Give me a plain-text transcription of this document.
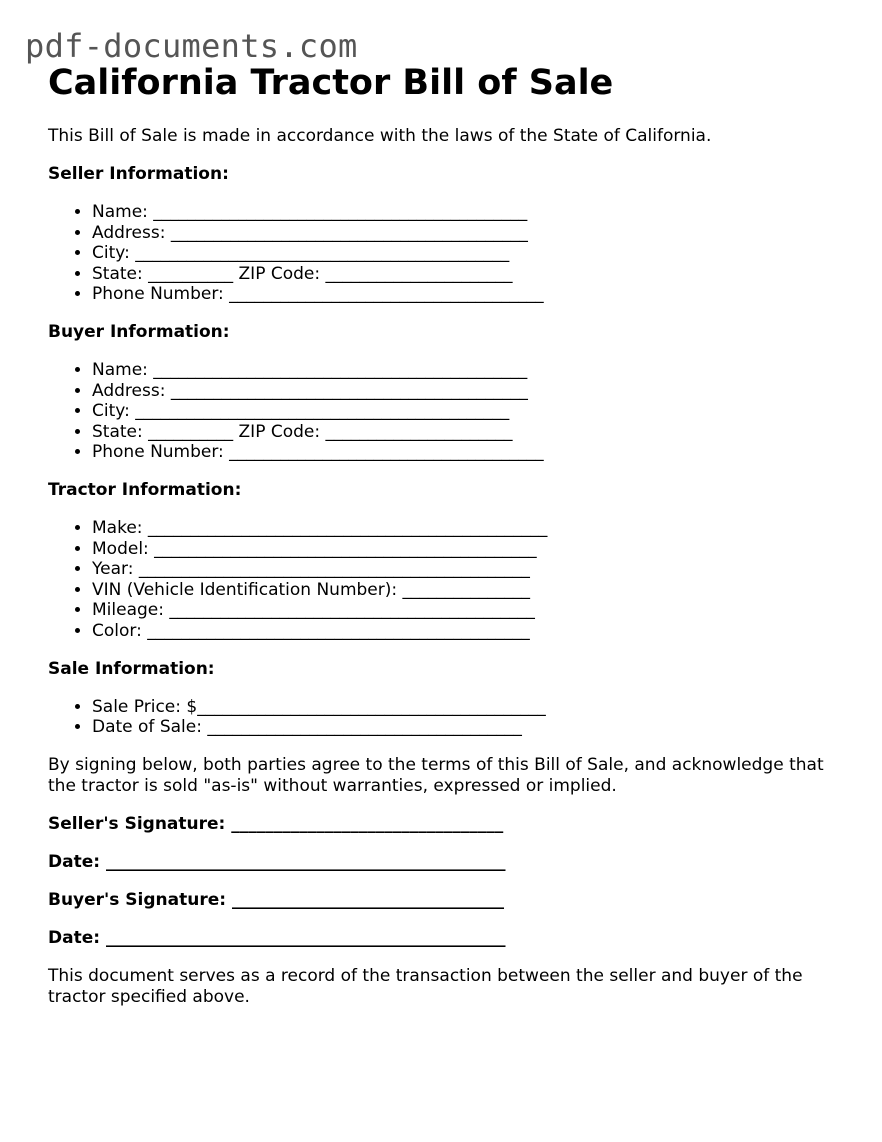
pdf-documents.com
California Tractor Bill of Sale

This Bill of Sale is made in accordance with the laws of the State of California.

Seller Information:

• Name: ____________________________________________
• Address: __________________________________________
• City: ____________________________________________
• State: __________ ZIP Code: ______________________
• Phone Number: _____________________________________

Buyer Information:

• Name: ____________________________________________
• Address: __________________________________________
• City: ____________________________________________
• State: __________ ZIP Code: ______________________
• Phone Number: _____________________________________

Tractor Information:

• Make: _______________________________________________
• Model: _____________________________________________
• Year: ______________________________________________
• VIN (Vehicle Identification Number): _______________
• Mileage: ___________________________________________
• Color: _____________________________________________

Sale Information:

• Sale Price: $_________________________________________
• Date of Sale: _____________________________________

By signing below, both parties agree to the terms of this Bill of Sale, and acknowledge that the tractor is sold "as-is" without warranties, expressed or implied.

Seller's Signature: ________________________________

Date: _______________________________________________

Buyer's Signature: ________________________________

Date: _______________________________________________

This document serves as a record of the transaction between the seller and buyer of the tractor specified above.
